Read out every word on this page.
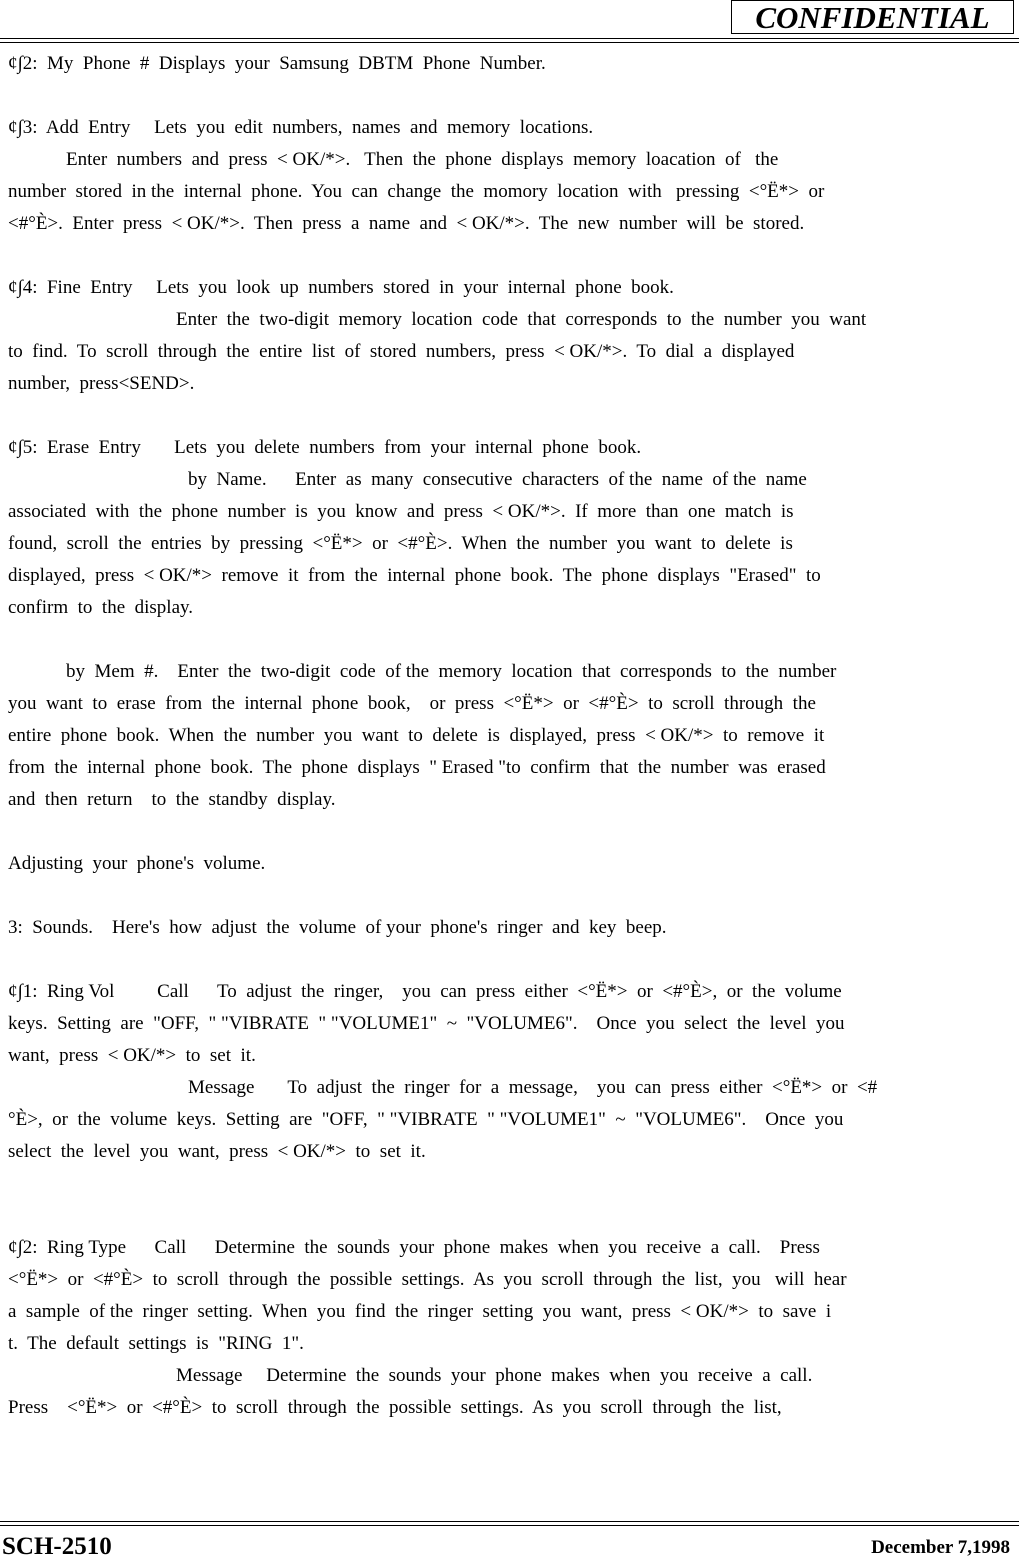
CONFIDENTIAL
¢∫2:  My  Phone  #  Displays  your  Samsung  DBTM  Phone  Number.
¢∫3:  Add  Entry     Lets  you  edit  numbers,  names  and  memory  locations.
Enter  numbers  and  press  < OK/*>.   Then  the  phone  displays  memory  loacation  of   the
number  stored  in the  internal  phone.  You  can  change  the  momory  location  with   pressing  <°Ë*>  or
<#°È>.  Enter  press  < OK/*>.  Then  press  a  name  and  < OK/*>.  The  new  number  will  be  stored.
¢∫4:  Fine  Entry     Lets  you  look  up  numbers  stored  in  your  internal  phone  book.
Enter  the  two-digit  memory  location  code  that  corresponds  to  the  number  you  want
to  find.  To  scroll  through  the  entire  list  of  stored  numbers,  press  < OK/*>.  To  dial  a  displayed
number,  press<SEND>.
¢∫5:  Erase  Entry       Lets  you  delete  numbers  from  your  internal  phone  book.
by  Name.      Enter  as  many  consecutive  characters  of the  name  of the  name
associated  with  the  phone  number  is  you  know  and  press  < OK/*>.  If  more  than  one  match  is
found,  scroll  the  entries  by  pressing  <°Ë*>  or  <#°È>.  When  the  number  you  want  to  delete  is
displayed,  press  < OK/*>  remove  it  from  the  internal  phone  book.  The  phone  displays  "Erased"  to
confirm  to  the  display.
by  Mem  #.    Enter  the  two-digit  code  of the  memory  location  that  corresponds  to  the  number
you  want  to  erase  from  the  internal  phone  book,    or  press  <°Ë*>  or  <#°È>  to  scroll  through  the
entire  phone  book.  When  the  number  you  want  to  delete  is  displayed,  press  < OK/*>  to  remove  it
from  the  internal  phone  book.  The  phone  displays  " Erased "to  confirm  that  the  number  was  erased
and  then  return    to  the  standby  display.
Adjusting  your  phone's  volume.
3:  Sounds.    Here's  how  adjust  the  volume  of your  phone's  ringer  and  key  beep.
¢∫1:  Ring Vol         Call      To  adjust  the  ringer,    you  can  press  either  <°Ë*>  or  <#°È>,  or  the  volume
keys.  Setting  are  "OFF,  " "VIBRATE  " "VOLUME1"  ~  "VOLUME6".    Once  you  select  the  level  you
want,  press  < OK/*>  to  set  it.
Message       To  adjust  the  ringer  for  a  message,    you  can  press  either  <°Ë*>  or  <#
°È>,  or  the  volume  keys.  Setting  are  "OFF,  " "VIBRATE  " "VOLUME1"  ~  "VOLUME6".    Once  you
select  the  level  you  want,  press  < OK/*>  to  set  it.
¢∫2:  Ring Type      Call      Determine  the  sounds  your  phone  makes  when  you  receive  a  call.    Press
<°Ë*>  or  <#°È>  to  scroll  through  the  possible  settings.  As  you  scroll  through  the  list,  you   will  hear
a  sample  of the  ringer  setting.  When  you  find  the  ringer  setting  you  want,  press  < OK/*>  to  save  i
t.  The  default  settings  is  "RING  1".
Message     Determine  the  sounds  your  phone  makes  when  you  receive  a  call.
Press    <°Ë*>  or  <#°È>  to  scroll  through  the  possible  settings.  As  you  scroll  through  the  list,
SCH-2510	December 7,1998
